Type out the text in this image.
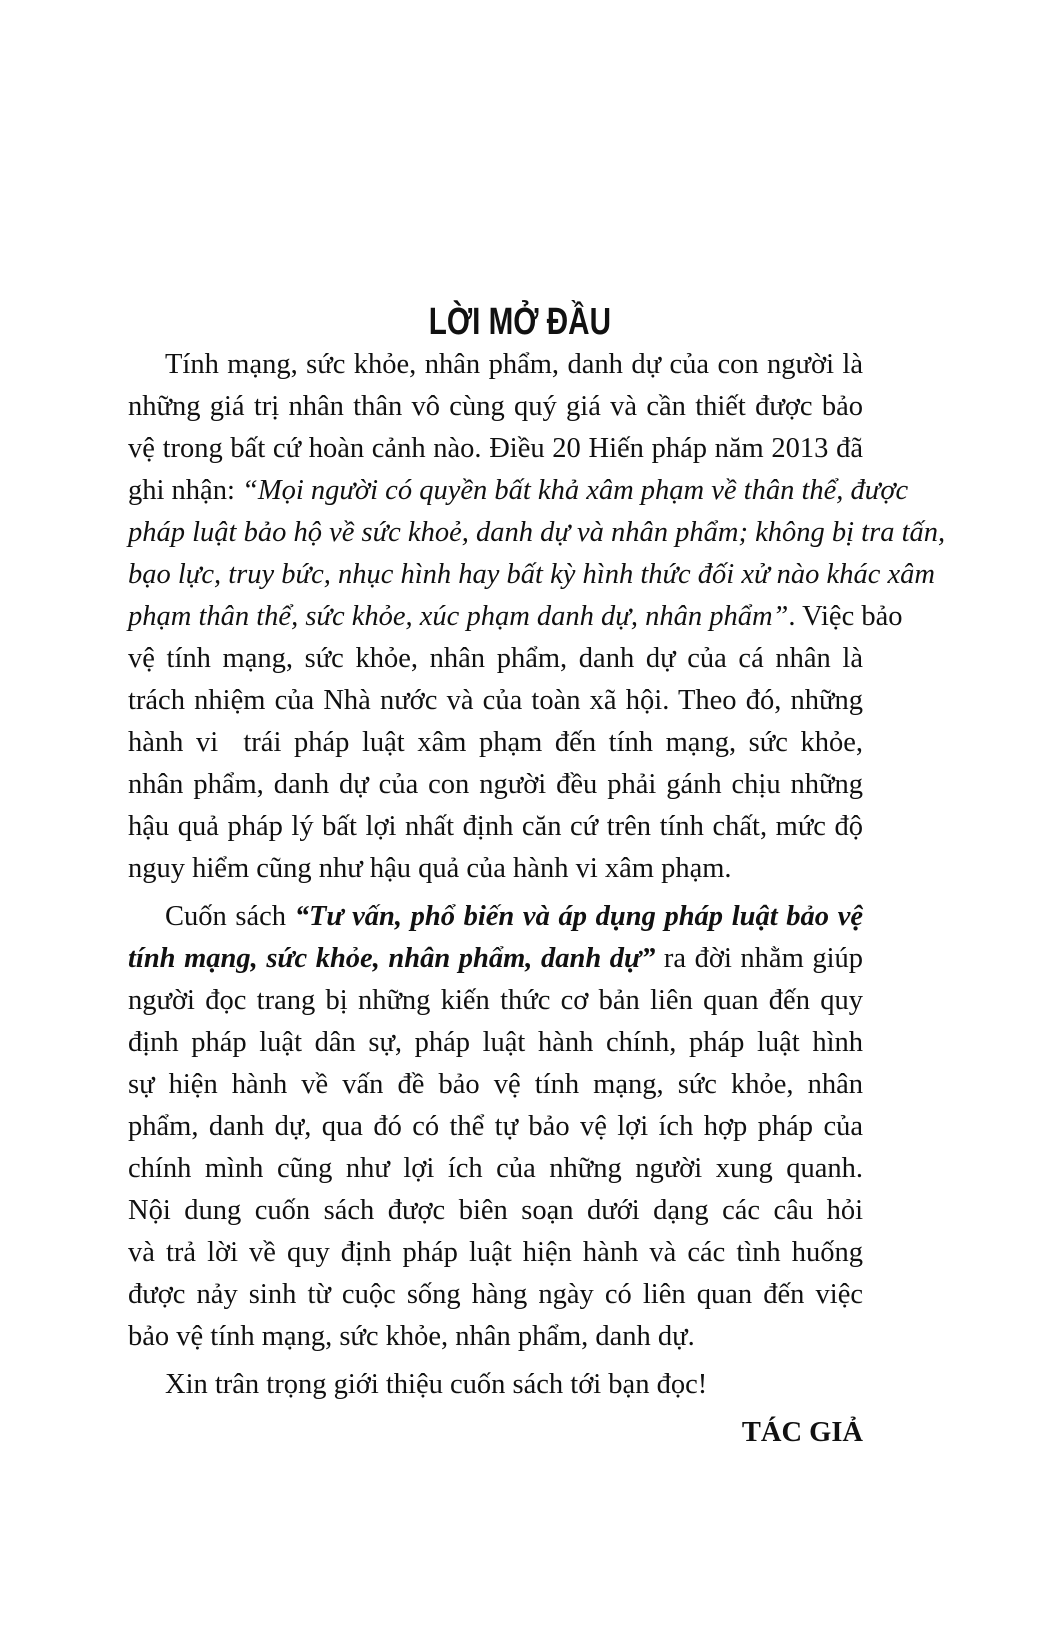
LỜI MỞ ĐẦU
Tính mạng, sức khỏe, nhân phẩm, danh dự của con người là
những giá trị nhân thân vô cùng quý giá và cần thiết được bảo
vệ trong bất cứ hoàn cảnh nào. Điều 20 Hiến pháp năm 2013 đã
ghi nhận: “Mọi người có quyền bất khả xâm phạm về thân thể, được
pháp luật bảo hộ về sức khoẻ, danh dự và nhân phẩm; không bị tra tấn,
bạo lực, truy bức, nhục hình hay bất kỳ hình thức đối xử nào khác xâm
phạm thân thể, sức khỏe, xúc phạm danh dự, nhân phẩm”. Việc bảo
vệ tính mạng, sức khỏe, nhân phẩm, danh dự của cá nhân là
trách nhiệm của Nhà nước và của toàn xã hội. Theo đó, những
hành vi  trái pháp luật xâm phạm đến tính mạng, sức khỏe,
nhân phẩm, danh dự của con người đều phải gánh chịu những
hậu quả pháp lý bất lợi nhất định căn cứ trên tính chất, mức độ
nguy hiểm cũng như hậu quả của hành vi xâm phạm.
Cuốn sách “Tư vấn, phổ biến và áp dụng pháp luật bảo vệ
tính mạng, sức khỏe, nhân phẩm, danh dự” ra đời nhằm giúp
người đọc trang bị những kiến thức cơ bản liên quan đến quy
định pháp luật dân sự, pháp luật hành chính, pháp luật hình
sự hiện hành về vấn đề bảo vệ tính mạng, sức khỏe, nhân
phẩm, danh dự, qua đó có thể tự bảo vệ lợi ích hợp pháp của
chính mình cũng như lợi ích của những người xung quanh.
Nội dung cuốn sách được biên soạn dưới dạng các câu hỏi
và trả lời về quy định pháp luật hiện hành và các tình huống
được nảy sinh từ cuộc sống hàng ngày có liên quan đến việc
bảo vệ tính mạng, sức khỏe, nhân phẩm, danh dự.
Xin trân trọng giới thiệu cuốn sách tới bạn đọc!
TÁC GIẢ
